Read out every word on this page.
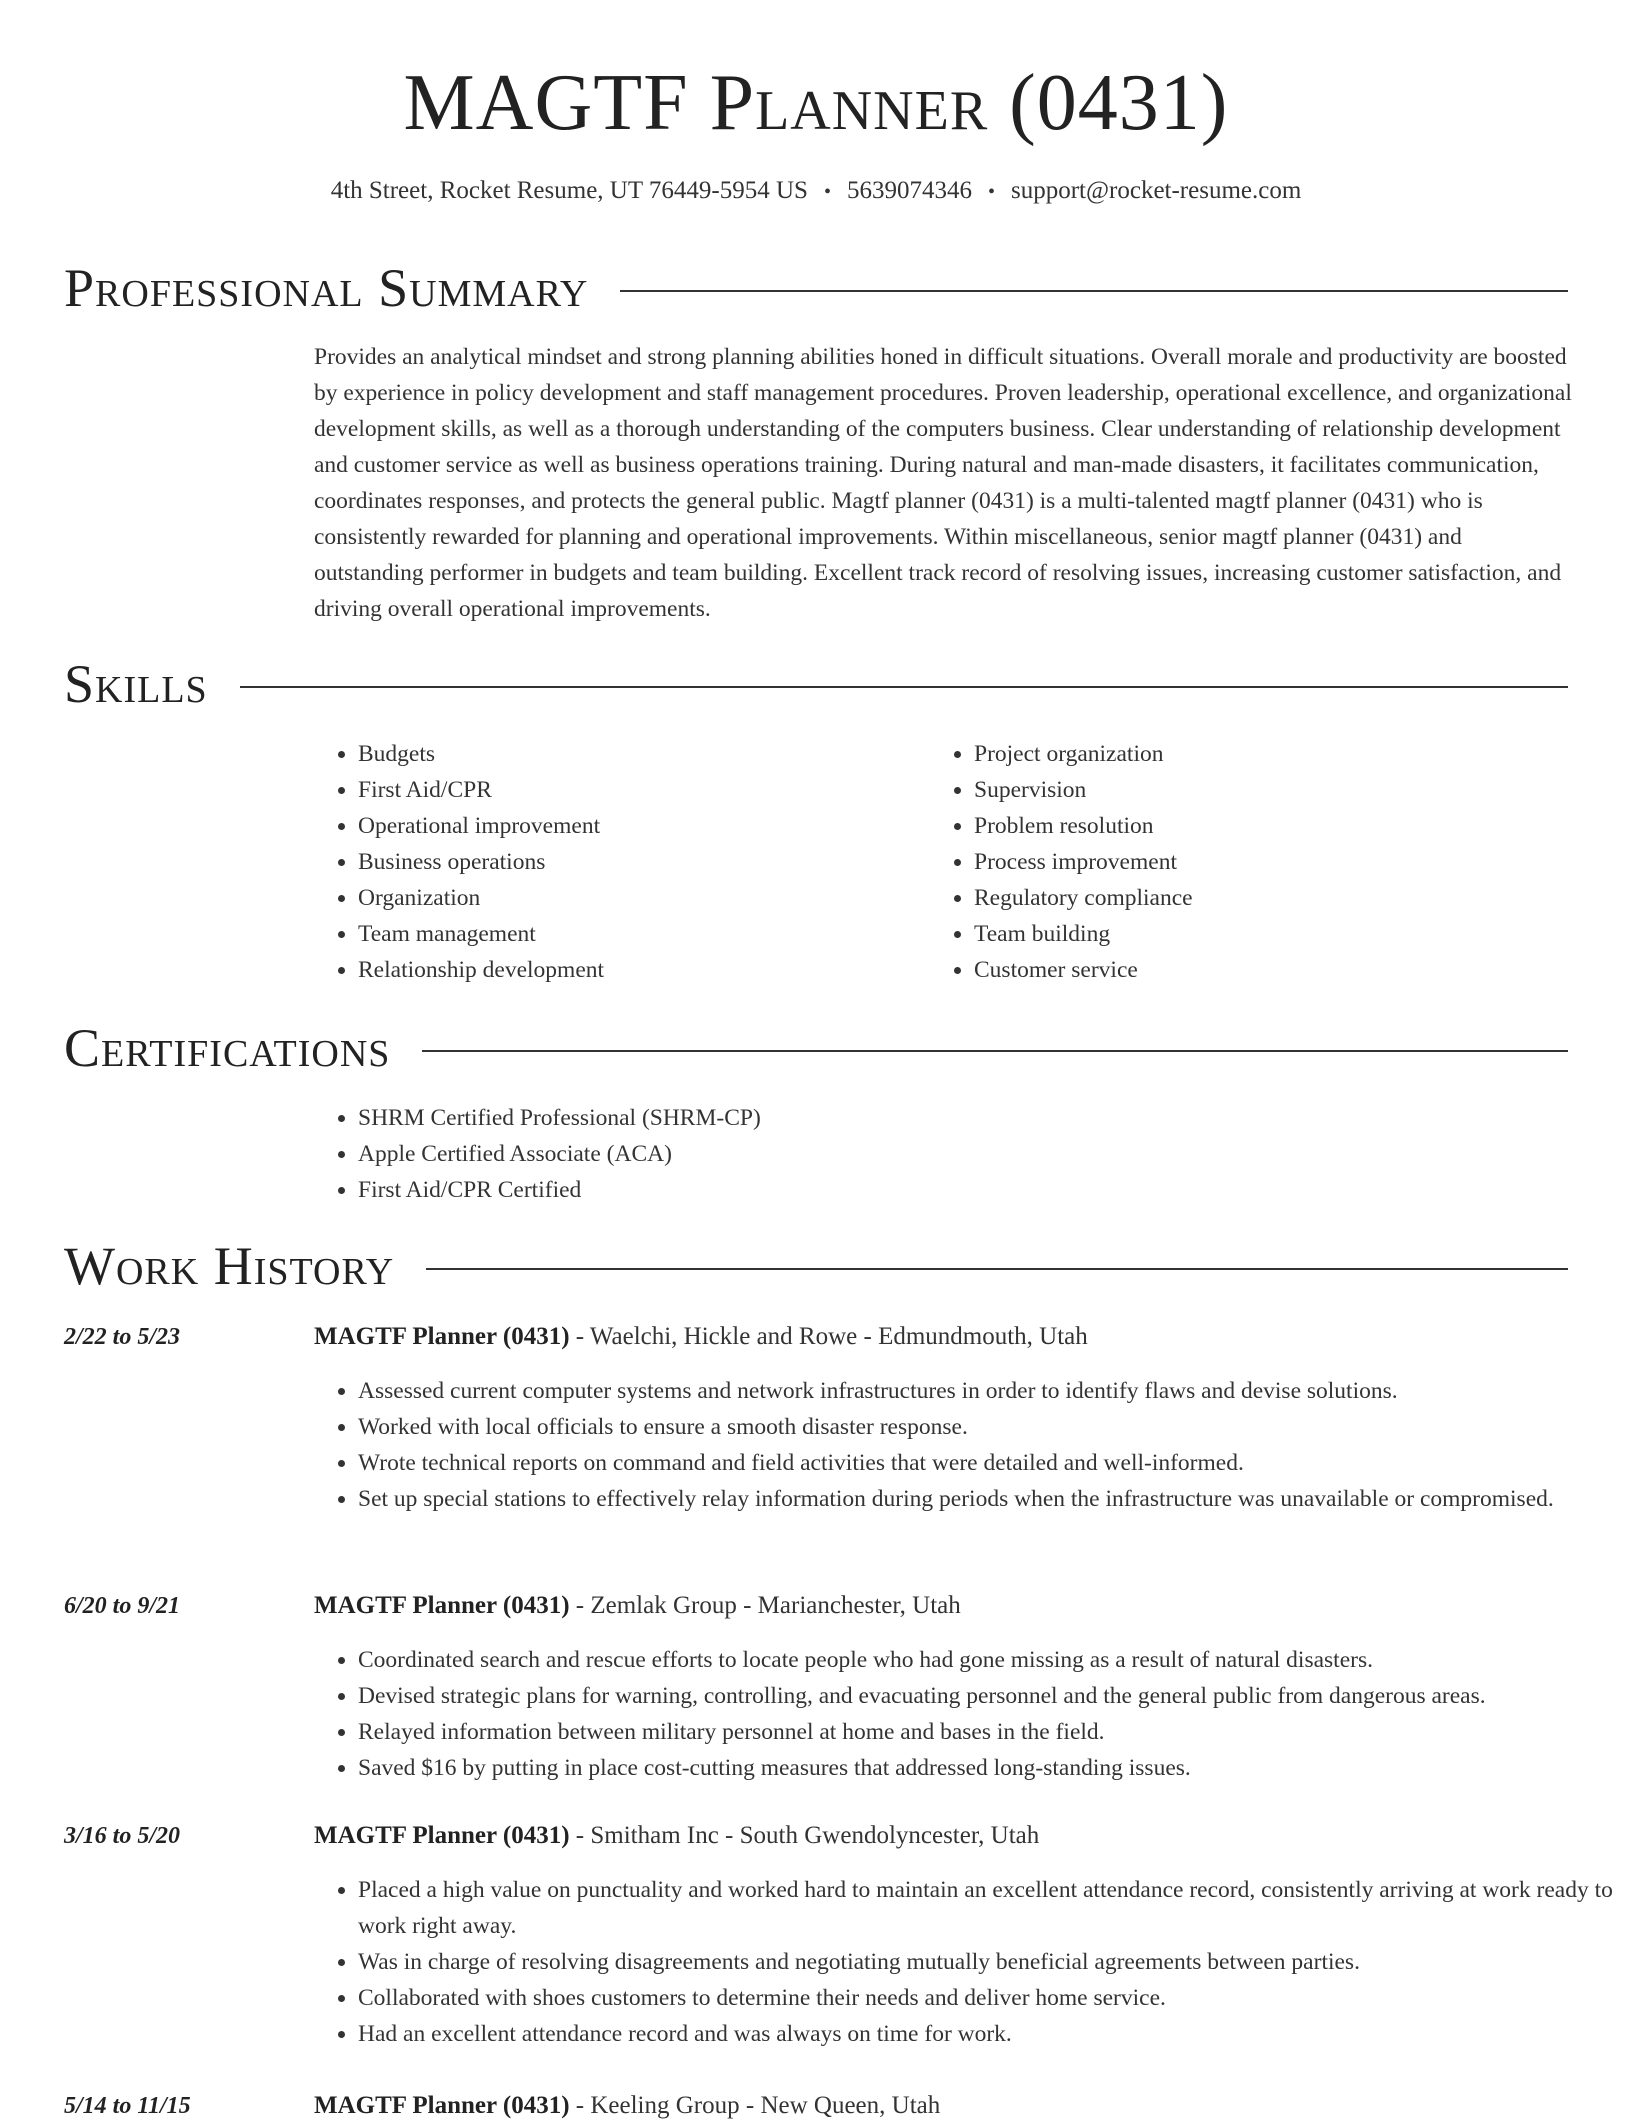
MAGTF Planner (0431)
4th Street, Rocket Resume, UT 76449-5954 US • 5639074346 • support@rocket-resume.com
Professional Summary
Provides an analytical mindset and strong planning abilities honed in difficult situations. Overall morale and productivity are boosted by experience in policy development and staff management procedures. Proven leadership, operational excellence, and organizational development skills, as well as a thorough understanding of the computers business. Clear understanding of relationship development and customer service as well as business operations training. During natural and man-made disasters, it facilitates communication, coordinates responses, and protects the general public. Magtf planner (0431) is a multi-talented magtf planner (0431) who is consistently rewarded for planning and operational improvements. Within miscellaneous, senior magtf planner (0431) and outstanding performer in budgets and team building. Excellent track record of resolving issues, increasing customer satisfaction, and driving overall operational improvements.
Skills
• Budgets
• First Aid/CPR
• Operational improvement
• Business operations
• Organization
• Team management
• Relationship development
• Project organization
• Supervision
• Problem resolution
• Process improvement
• Regulatory compliance
• Team building
• Customer service
Certifications
• SHRM Certified Professional (SHRM-CP)
• Apple Certified Associate (ACA)
• First Aid/CPR Certified
Work History
2/22 to 5/23	MAGTF Planner (0431) - Waelchi, Hickle and Rowe - Edmundmouth, Utah
• Assessed current computer systems and network infrastructures in order to identify flaws and devise solutions.
• Worked with local officials to ensure a smooth disaster response.
• Wrote technical reports on command and field activities that were detailed and well-informed.
• Set up special stations to effectively relay information during periods when the infrastructure was unavailable or compromised.
6/20 to 9/21	MAGTF Planner (0431) - Zemlak Group - Marianchester, Utah
• Coordinated search and rescue efforts to locate people who had gone missing as a result of natural disasters.
• Devised strategic plans for warning, controlling, and evacuating personnel and the general public from dangerous areas.
• Relayed information between military personnel at home and bases in the field.
• Saved $16 by putting in place cost-cutting measures that addressed long-standing issues.
3/16 to 5/20	MAGTF Planner (0431) - Smitham Inc - South Gwendolyncester, Utah
• Placed a high value on punctuality and worked hard to maintain an excellent attendance record, consistently arriving at work ready to work right away.
• Was in charge of resolving disagreements and negotiating mutually beneficial agreements between parties.
• Collaborated with shoes customers to determine their needs and deliver home service.
• Had an excellent attendance record and was always on time for work.
5/14 to 11/15	MAGTF Planner (0431) - Keeling Group - New Queen, Utah
